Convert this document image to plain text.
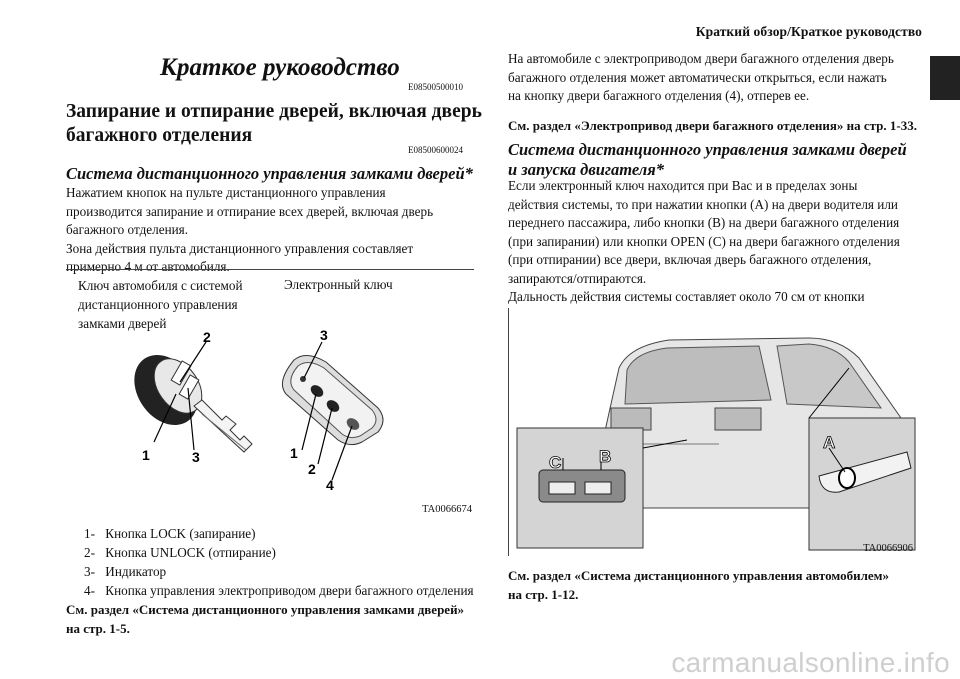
Краткий обзор/Краткое руководство
Краткое руководство
E08500500010
Запирание и отпирание дверей, включая дверь
багажного отделения
E08500600024
Система дистанционного управления замками дверей*
Нажатием кнопок на пульте дистанционного управления
производится запирание и отпирание всех дверей, включая дверь
багажного отделения.
Зона действия пульта дистанционного управления составляет
примерно 4 м от автомобиля.
Ключ автомобиля с системой
дистанционного управления
замками дверей
Электронный ключ
2
1	3
3
1
2
4
TA0066674
1- Кнопка LOCK (запирание)
2- Кнопка UNLOCK (отпирание)
3- Индикатор
4- Кнопка управления электроприводом двери багажного отделения
См. раздел «Система дистанционного управления замками дверей»
на стр. 1-5.
На автомобиле с электроприводом двери багажного отделения дверь
багажного отделения может автоматически открыться, если нажать
на кнопку двери багажного отделения (4), отперев ее.
См. раздел «Электропривод двери багажного отделения» на стр. 1-33.
Система дистанционного управления замками дверей
и запуска двигателя*
Если электронный ключ находится при Вас и в пределах зоны
действия системы, то при нажатии кнопки (A) на двери водителя или
переднего пассажира, либо кнопки (B) на двери багажного отделения
(при запирании) или кнопки OPEN (C) на двери багажного отделения
(при отпирании) все двери, включая дверь багажного отделения,
запираются/отпираются.
Дальность действия системы составляет около 70 см от кнопки
C B
A
TA0066906
См. раздел «Система дистанционного управления автомобилем»
на стр. 1-12.
carmanualsonline.info
